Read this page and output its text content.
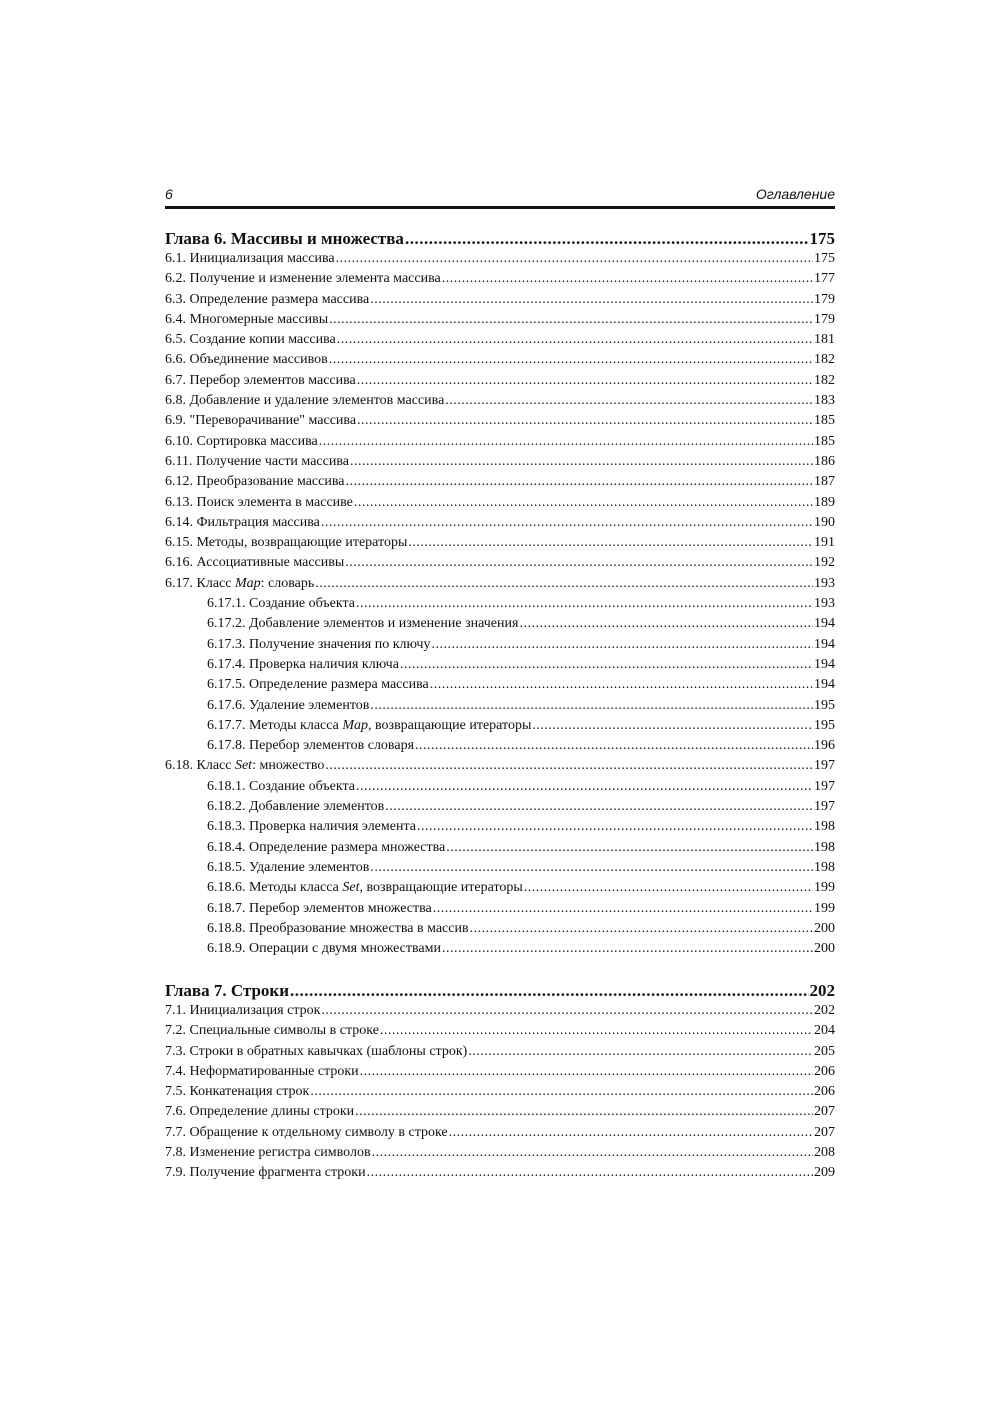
6	Оглавление
Глава 6. Массивы и множества .....	175
6.1. Инициализация массива .....	175
6.2. Получение и изменение элемента массива .....	177
6.3. Определение размера массива .....	179
6.4. Многомерные массивы .....	179
6.5. Создание копии массива .....	181
6.6. Объединение массивов .....	182
6.7. Перебор элементов массива .....	182
6.8. Добавление и удаление элементов массива .....	183
6.9. "Переворачивание" массива .....	185
6.10. Сортировка массива .....	185
6.11. Получение части массива .....	186
6.12. Преобразование массива .....	187
6.13. Поиск элемента в массиве .....	189
6.14. Фильтрация массива .....	190
6.15. Методы, возвращающие итераторы .....	191
6.16. Ассоциативные массивы .....	192
6.17. Класс Map: словарь .....	193
6.17.1. Создание объекта .....	193
6.17.2. Добавление элементов и изменение значения .....	194
6.17.3. Получение значения по ключу .....	194
6.17.4. Проверка наличия ключа .....	194
6.17.5. Определение размера массива .....	194
6.17.6. Удаление элементов .....	195
6.17.7. Методы класса Map, возвращающие итераторы .....	195
6.17.8. Перебор элементов словаря .....	196
6.18. Класс Set: множество .....	197
6.18.1. Создание объекта .....	197
6.18.2. Добавление элементов .....	197
6.18.3. Проверка наличия элемента .....	198
6.18.4. Определение размера множества .....	198
6.18.5. Удаление элементов .....	198
6.18.6. Методы класса Set, возвращающие итераторы .....	199
6.18.7. Перебор элементов множества .....	199
6.18.8. Преобразование множества в массив .....	200
6.18.9. Операции с двумя множествами .....	200
Глава 7. Строки .....	202
7.1. Инициализация строк .....	202
7.2. Специальные символы в строке .....	204
7.3. Строки в обратных кавычках (шаблоны строк) .....	205
7.4. Неформатированные строки .....	206
7.5. Конкатенация строк .....	206
7.6. Определение длины строки .....	207
7.7. Обращение к отдельному символу в строке .....	207
7.8. Изменение регистра символов .....	208
7.9. Получение фрагмента строки .....	209
